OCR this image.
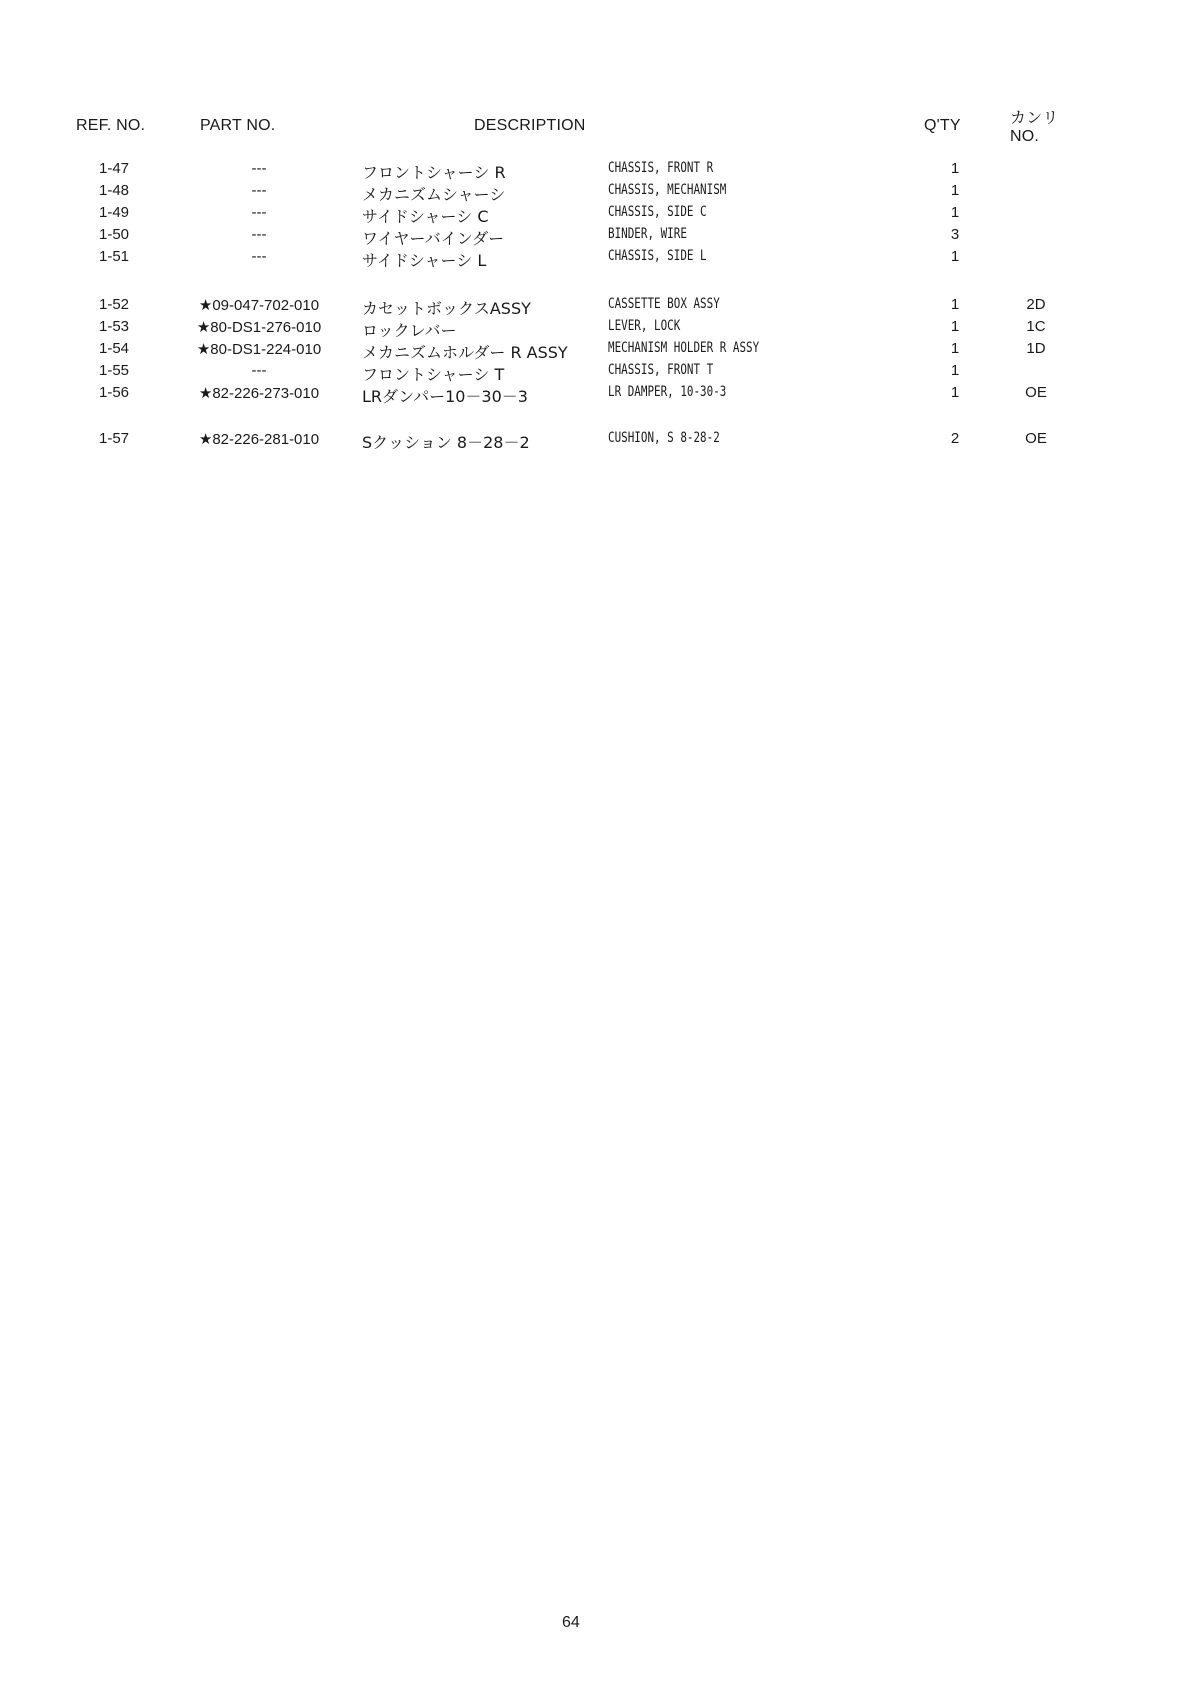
REF. NO.	PART NO.	DESCRIPTION	Q'TY	カンリ
NO.
1-47	---	フロントシャーシ R	CHASSIS, FRONT R	1
1-48	---	メカニズムシャーシ	CHASSIS, MECHANISM	1
1-49	---	サイドシャーシ C	CHASSIS, SIDE C	1
1-50	---	ワイヤーバインダー	BINDER, WIRE	3
1-51	---	サイドシャーシ L	CHASSIS, SIDE L	1
1-52	★09-047-702-010	カセットボックスASSY	CASSETTE BOX ASSY	1	2D
1-53	★80-DS1-276-010	ロックレバー	LEVER, LOCK	1	1C
1-54	★80-DS1-224-010	メカニズムホルダー R ASSY	MECHANISM HOLDER R ASSY	1	1D
1-55	---	フロントシャーシ T	CHASSIS, FRONT T	1
1-56	★82-226-273-010	LRダンパー10－30－3	LR DAMPER, 10-30-3	1	OE
1-57	★82-226-281-010	Sクッション 8－28－2	CUSHION, S 8-28-2	2	OE
64
